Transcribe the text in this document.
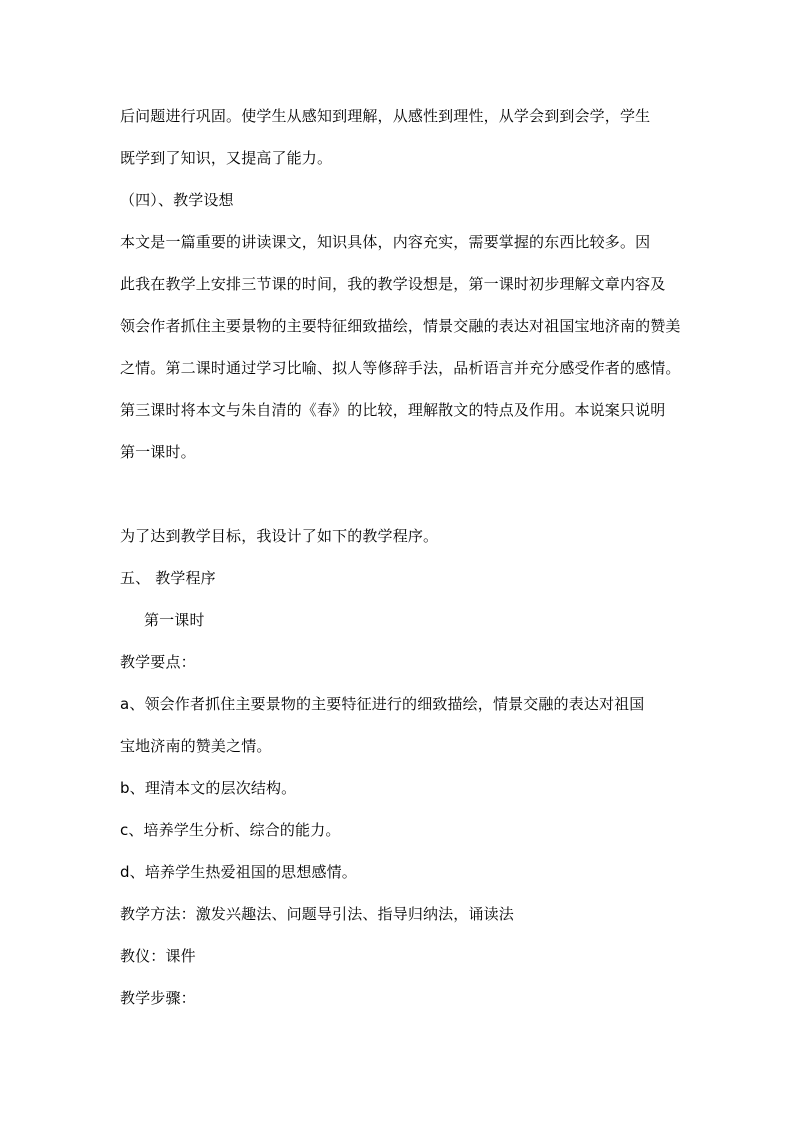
后问题进行巩固。使学生从感知到理解，从感性到理性，从学会到到会学，学生
既学到了知识，又提高了能力。
（四）、教学设想
本文是一篇重要的讲读课文，知识具体，内容充实，需要掌握的东西比较多。因
此我在教学上安排三节课的时间，我的教学设想是，第一课时初步理解文章内容及
领会作者抓住主要景物的主要特征细致描绘，情景交融的表达对祖国宝地济南的赞美
之情。第二课时通过学习比喻、拟人等修辞手法，品析语言并充分感受作者的感情。
第三课时将本文与朱自清的《春》的比较，理解散文的特点及作用。本说案只说明
第一课时。
为了达到教学目标，我设计了如下的教学程序。
五、 教学程序
第一课时
教学要点：
a、领会作者抓住主要景物的主要特征进行的细致描绘，情景交融的表达对祖国
宝地济南的赞美之情。
b、理清本文的层次结构。
c、培养学生分析、综合的能力。
d、培养学生热爱祖国的思想感情。
教学方法：激发兴趣法、问题导引法、指导归纳法，诵读法
教仪：课件
教学步骤：
